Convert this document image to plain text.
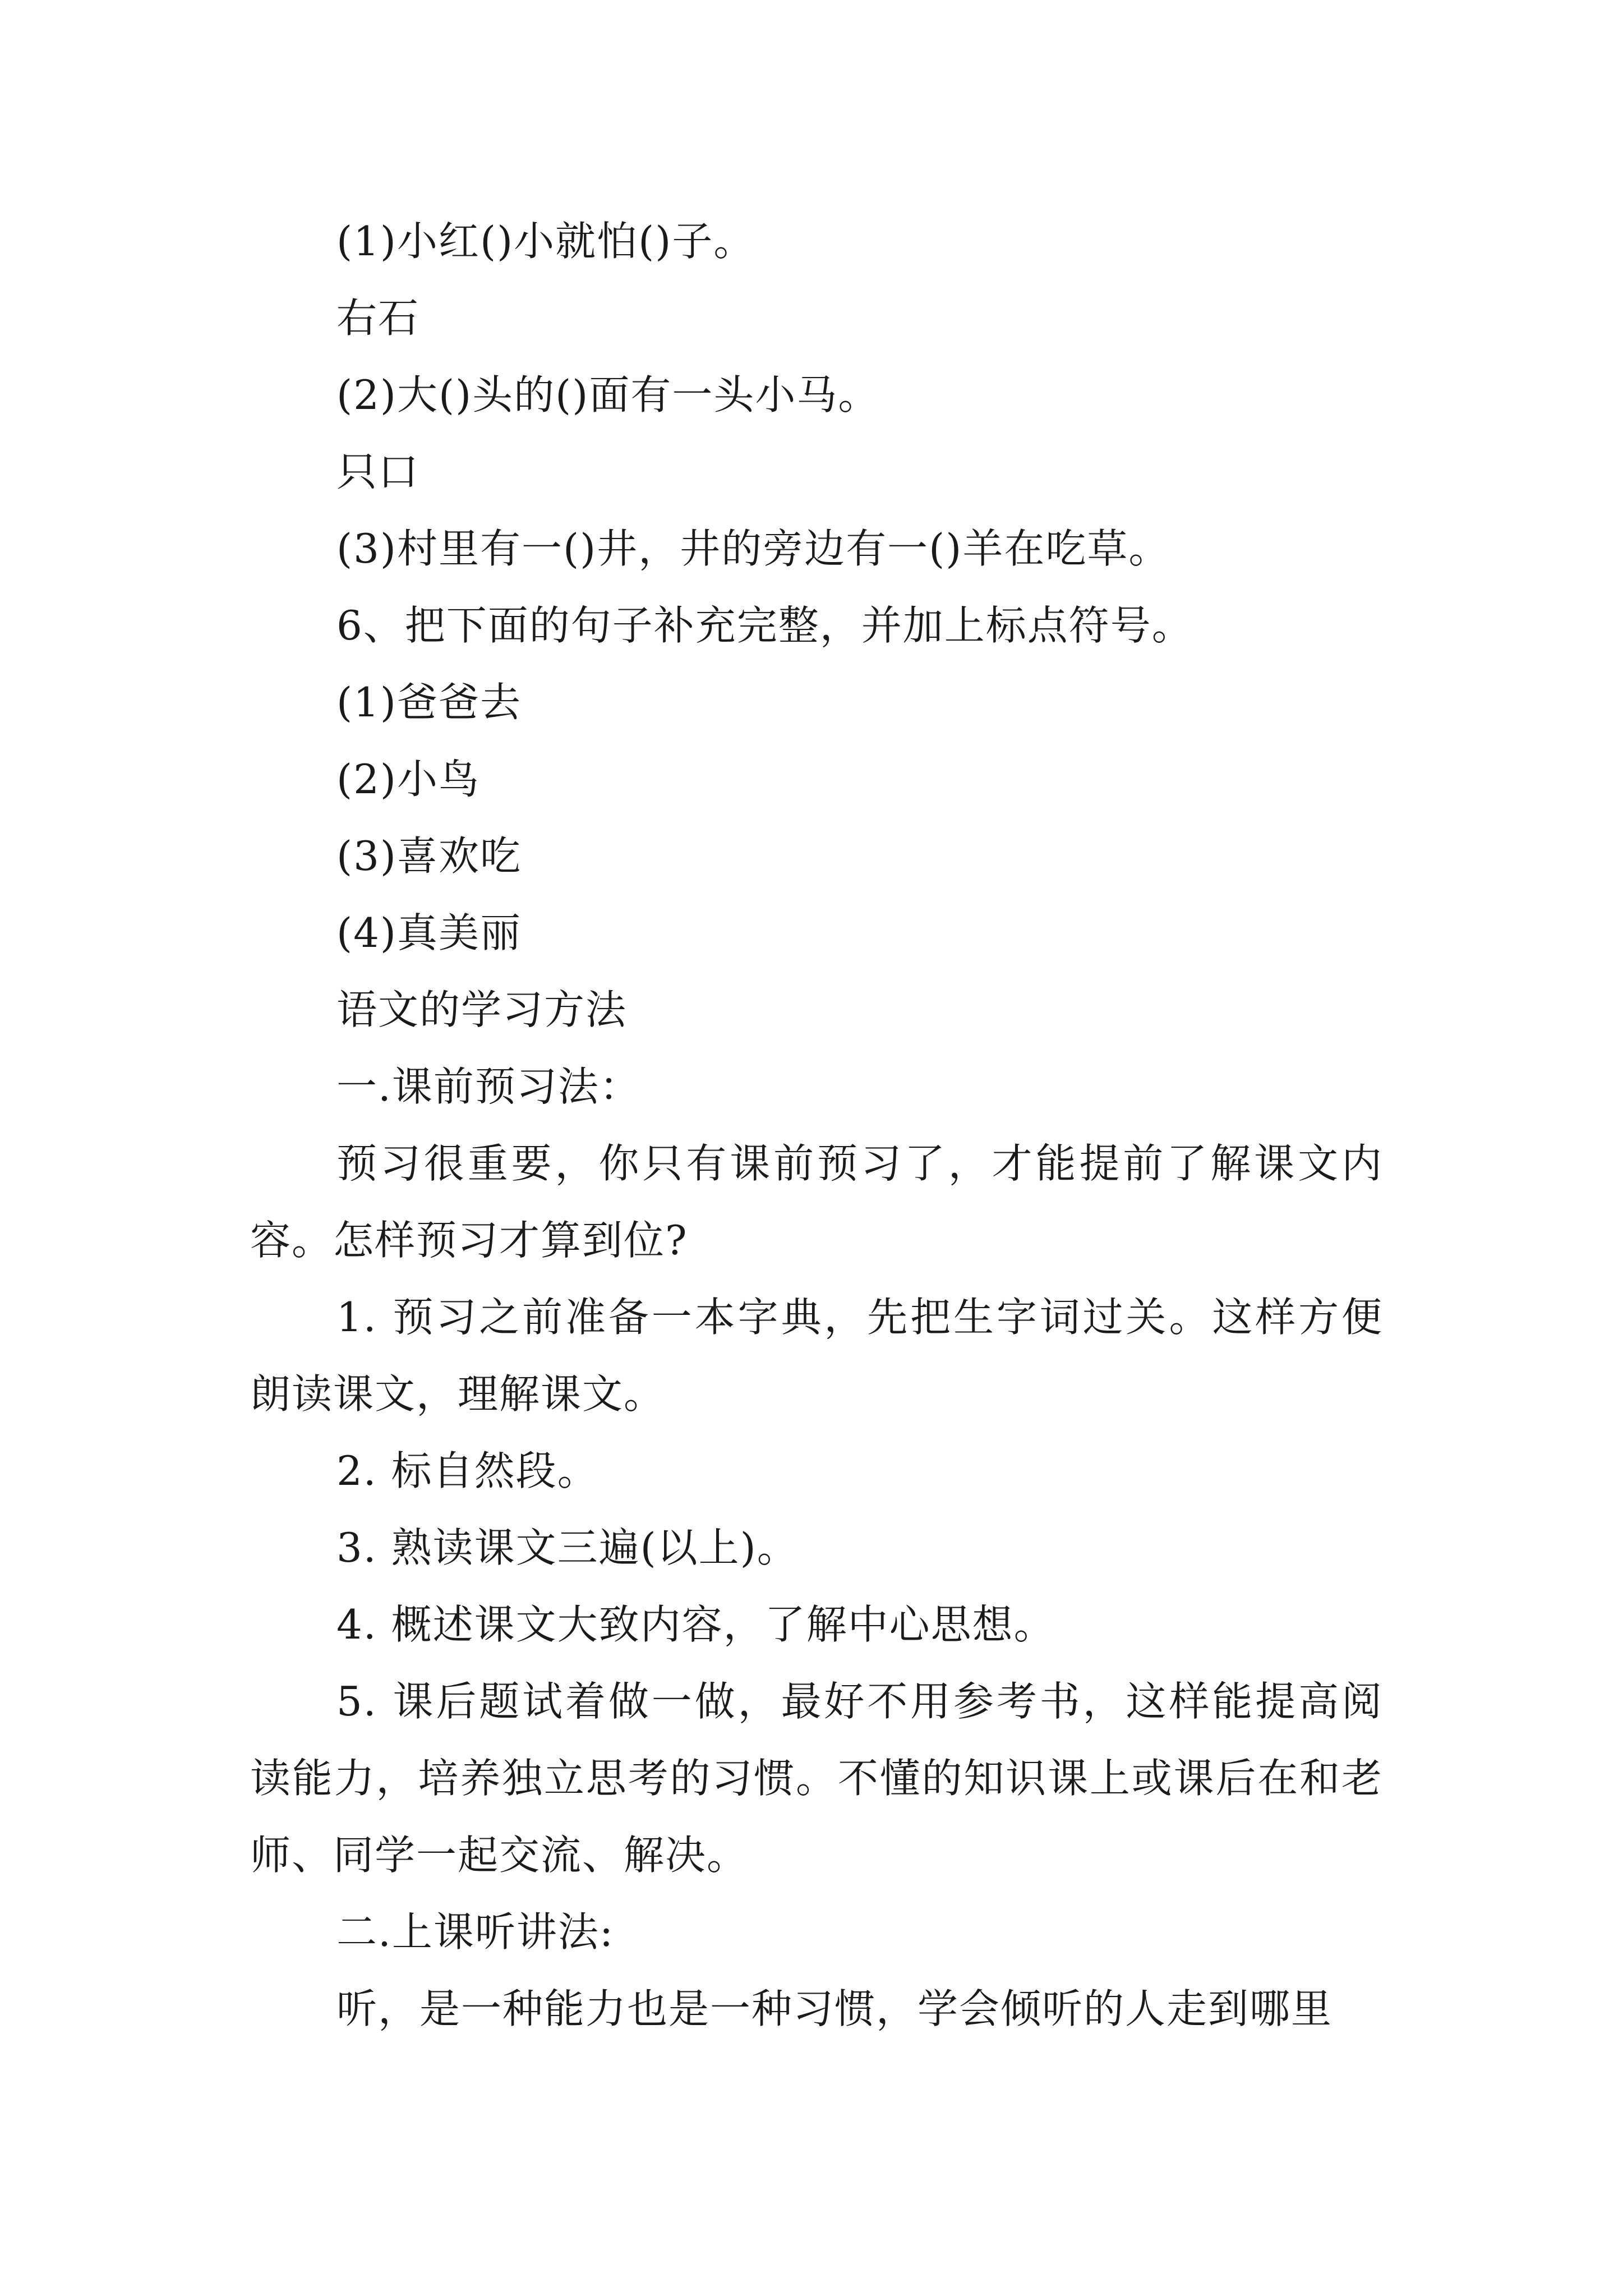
(1)小红()小就怕()子。

右石

(2)大()头的()面有一头小马。

只口

(3)村里有一()井，井的旁边有一()羊在吃草。

6、把下面的句子补充完整，并加上标点符号。

(1)爸爸去

(2)小鸟

(3)喜欢吃

(4)真美丽

语文的学习方法

一.课前预习法：

预习很重要，你只有课前预习了，才能提前了解课文内容。怎样预习才算到位?

1. 预习之前准备一本字典，先把生字词过关。这样方便朗读课文，理解课文。

2. 标自然段。

3. 熟读课文三遍(以上)。

4. 概述课文大致内容，了解中心思想。

5. 课后题试着做一做，最好不用参考书，这样能提高阅读能力，培养独立思考的习惯。不懂的知识课上或课后在和老师、同学一起交流、解决。

二.上课听讲法:

听，是一种能力也是一种习惯，学会倾听的人走到哪里
